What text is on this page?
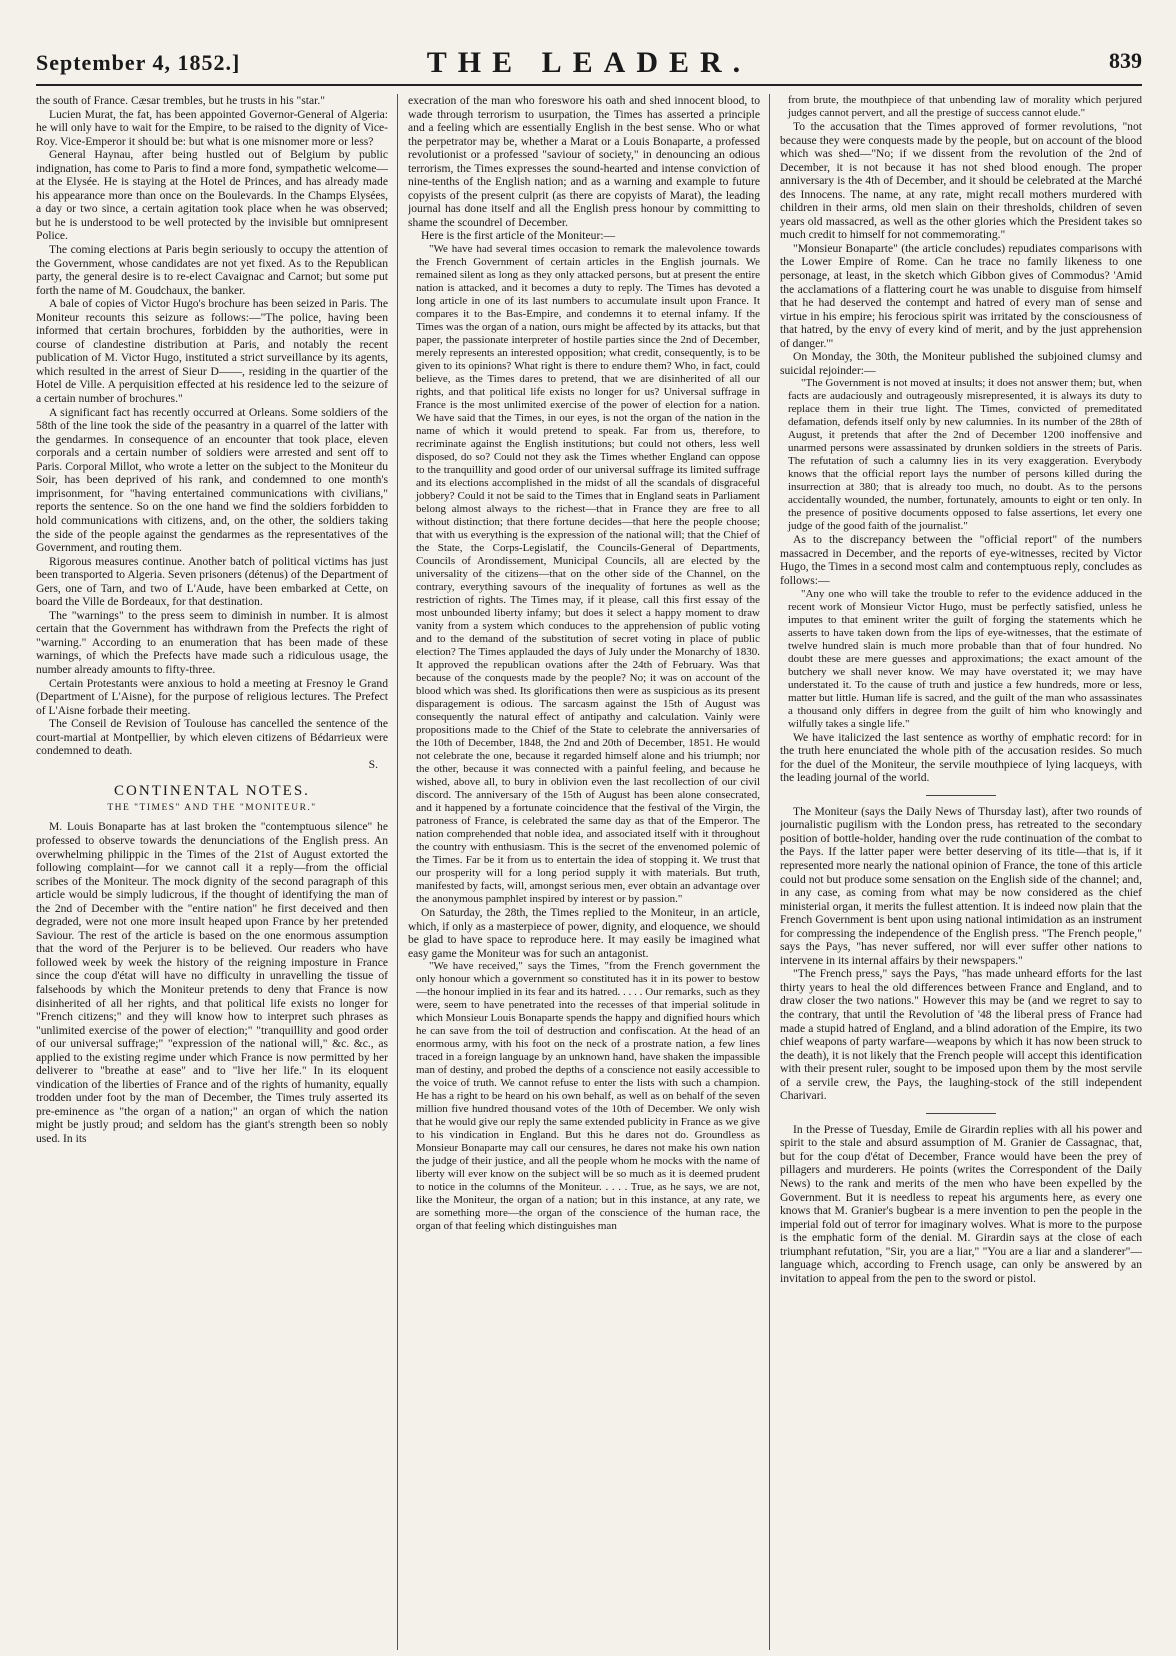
September 4, 1852.]	THE LEADER.	839

the south of France. Cæsar trembles, but he trusts in his "star."

Lucien Murat, the fat, has been appointed Governor-General of Algeria: he will only have to wait for the Empire, to be raised to the dignity of Vice-Roy. Vice-Emperor it should be: but what is one misnomer more or less?

General Haynau, after being hustled out of Belgium by public indignation, has come to Paris to find a more fond, sympathetic welcome—at the Elysée. He is staying at the Hotel de Princes, and has already made his appearance more than once on the Boulevards. In the Champs Elysées, a day or two since, a certain agitation took place when he was observed; but he is understood to be well protected by the invisible but omnipresent Police.

The coming elections at Paris begin seriously to occupy the attention of the Government, whose candidates are not yet fixed. As to the Republican party, the general desire is to re-elect Cavaignac and Carnot; but some put forth the name of M. Goudchaux, the banker.

A bale of copies of Victor Hugo's brochure has been seized in Paris. The Moniteur recounts this seizure as follows:—"The police, having been informed that certain brochures, forbidden by the authorities, were in course of clandestine distribution at Paris, and notably the recent publication of M. Victor Hugo, instituted a strict surveillance by its agents, which resulted in the arrest of Sieur D——, residing in the quartier of the Hotel de Ville. A perquisition effected at his residence led to the seizure of a certain number of brochures."

A significant fact has recently occurred at Orleans. Some soldiers of the 58th of the line took the side of the peasantry in a quarrel of the latter with the gendarmes. In consequence of an encounter that took place, eleven corporals and a certain number of soldiers were arrested and sent off to Paris. Corporal Millot, who wrote a letter on the subject to the Moniteur du Soir, has been deprived of his rank, and condemned to one month's imprisonment, for "having entertained communications with civilians," reports the sentence. So on the one hand we find the soldiers forbidden to hold communications with citizens, and, on the other, the soldiers taking the side of the people against the gendarmes as the representatives of the Government, and routing them.

Rigorous measures continue. Another batch of political victims has just been transported to Algeria. Seven prisoners (détenus) of the Department of Gers, one of Tarn, and two of L'Aude, have been embarked at Cette, on board the Ville de Bordeaux, for that destination.

The "warnings" to the press seem to diminish in number. It is almost certain that the Government has withdrawn from the Prefects the right of "warning." According to an enumeration that has been made of these warnings, of which the Prefects have made such a ridiculous usage, the number already amounts to fifty-three.

Certain Protestants were anxious to hold a meeting at Fresnoy le Grand (Department of L'Aisne), for the purpose of religious lectures. The Prefect of L'Aisne forbade their meeting.

The Conseil de Revision of Toulouse has cancelled the sentence of the court-martial at Montpellier, by which eleven citizens of Bédarrieux were condemned to death.

S.

CONTINENTAL NOTES.
THE "TIMES" AND THE "MONITEUR."

M. Louis Bonaparte has at last broken the "contemptuous silence" he professed to observe towards the denunciations of the English press. An overwhelming philippic in the Times of the 21st of August extorted the following complaint—for we cannot call it a reply—from the official scribes of the Moniteur. The mock dignity of the second paragraph of this article would be simply ludicrous, if the thought of identifying the man of the 2nd of December with the "entire nation" he first deceived and then degraded, were not one more insult heaped upon France by her pretended Saviour. The rest of the article is based on the one enormous assumption that the word of the Perjurer is to be believed. Our readers who have followed week by week the history of the reigning imposture in France since the coup d'état will have no difficulty in unravelling the tissue of falsehoods by which the Moniteur pretends to deny that France is now disinherited of all her rights, and that political life exists no longer for "French citizens;" and they will know how to interpret such phrases as "unlimited exercise of the power of election;" "tranquillity and good order of our universal suffrage;" "expression of the national will," &c. &c., as applied to the existing regime under which France is now permitted by her deliverer to "breathe at ease" and to "live her life." In its eloquent vindication of the liberties of France and of the rights of humanity, equally trodden under foot by the man of December, the Times truly asserted its pre-eminence as "the organ of a nation;" an organ of which the nation might be justly proud; and seldom has the giant's strength been so nobly used. In its

execration of the man who foreswore his oath and shed innocent blood, to wade through terrorism to usurpation, the Times has asserted a principle and a feeling which are essentially English in the best sense. Who or what the perpetrator may be, whether a Marat or a Louis Bonaparte, a professed revolutionist or a professed "saviour of society," in denouncing an odious terrorism, the Times expresses the sound-hearted and intense conviction of nine-tenths of the English nation; and as a warning and example to future copyists of the present culprit (as there are copyists of Marat), the leading journal has done itself and all the English press honour by committing to shame the scoundrel of December.

Here is the first article of the Moniteur:—

"We have had several times occasion to remark the malevolence towards the French Government of certain articles in the English journals. We remained silent as long as they only attacked persons, but at present the entire nation is attacked, and it becomes a duty to reply. The Times has devoted a long article in one of its last numbers to accumulate insult upon France. It compares it to the Bas-Empire, and condemns it to eternal infamy. If the Times was the organ of a nation, ours might be affected by its attacks, but that paper, the passionate interpreter of hostile parties since the 2nd of December, merely represents an interested opposition; what credit, consequently, is to be given to its opinions? What right is there to endure them? Who, in fact, could believe, as the Times dares to pretend, that we are disinherited of all our rights, and that political life exists no longer for us? Universal suffrage in France is the most unlimited exercise of the power of election for a nation. We have said that the Times, in our eyes, is not the organ of the nation in the name of which it would pretend to speak. Far from us, therefore, to recriminate against the English institutions; but could not others, less well disposed, do so? Could not they ask the Times whether England can oppose to the tranquillity and good order of our universal suffrage its limited suffrage and its elections accomplished in the midst of all the scandals of disgraceful jobbery? Could it not be said to the Times that in England seats in Parliament belong almost always to the richest—that in France they are free to all without distinction; that there fortune decides—that here the people choose; that with us everything is the expression of the national will; that the Chief of the State, the Corps-Legislatif, the Councils-General of Departments, Councils of Arondissement, Municipal Councils, all are elected by the universality of the citizens—that on the other side of the Channel, on the contrary, everything savours of the inequality of fortunes as well as the restriction of rights. The Times may, if it please, call this first essay of the most unbounded liberty infamy; but does it select a happy moment to draw vanity from a system which conduces to the apprehension of public voting and to the demand of the substitution of secret voting in place of public election? The Times applauded the days of July under the Monarchy of 1830. It approved the republican ovations after the 24th of February. Was that because of the conquests made by the people? No; it was on account of the blood which was shed. Its glorifications then were as suspicious as its present disparagement is odious. The sarcasm against the 15th of August was consequently the natural effect of antipathy and calculation. Vainly were propositions made to the Chief of the State to celebrate the anniversaries of the 10th of December, 1848, the 2nd and 20th of December, 1851. He would not celebrate the one, because it regarded himself alone and his triumph; nor the other, because it was connected with a painful feeling, and because he wished, above all, to bury in oblivion even the last recollection of our civil discord. The anniversary of the 15th of August has been alone consecrated, and it happened by a fortunate coincidence that the festival of the Virgin, the patroness of France, is celebrated the same day as that of the Emperor. The nation comprehended that noble idea, and associated itself with it throughout the country with enthusiasm. This is the secret of the envenomed polemic of the Times. Far be it from us to entertain the idea of stopping it. We trust that our prosperity will for a long period supply it with materials. But truth, manifested by facts, will, amongst serious men, ever obtain an advantage over the anonymous pamphlet inspired by interest or by passion."

On Saturday, the 28th, the Times replied to the Moniteur, in an article, which, if only as a masterpiece of power, dignity, and eloquence, we should be glad to have space to reproduce here. It may easily be imagined what easy game the Moniteur was for such an antagonist.

"We have received," says the Times, "from the French government the only honour which a government so constituted has it in its power to bestow—the honour implied in its fear and its hatred. . . . . Our remarks, such as they were, seem to have penetrated into the recesses of that imperial solitude in which Monsieur Louis Bonaparte spends the happy and dignified hours which he can save from the toil of destruction and confiscation. At the head of an enormous army, with his foot on the neck of a prostrate nation, a few lines traced in a foreign language by an unknown hand, have shaken the impassible man of destiny, and probed the depths of a conscience not easily accessible to the voice of truth. We cannot refuse to enter the lists with such a champion. He has a right to be heard on his own behalf, as well as on behalf of the seven million five hundred thousand votes of the 10th of December. We only wish that he would give our reply the same extended publicity in France as we give to his vindication in England. But this he dares not do. Groundless as Monsieur Bonaparte may call our censures, he dares not make his own nation the judge of their justice, and all the people whom he mocks with the name of liberty will ever know on the subject will be so much as it is deemed prudent to notice in the columns of the Moniteur. . . . . True, as he says, we are not, like the Moniteur, the organ of a nation; but in this instance, at any rate, we are something more—the organ of the conscience of the human race, the organ of that feeling which distinguishes man

from brute, the mouthpiece of that unbending law of morality which perjured judges cannot pervert, and all the prestige of success cannot elude."

To the accusation that the Times approved of former revolutions, "not because they were conquests made by the people, but on account of the blood which was shed—"No; if we dissent from the revolution of the 2nd of December, it is not because it has not shed blood enough. The proper anniversary is the 4th of December, and it should be celebrated at the Marché des Innocens. The name, at any rate, might recall mothers murdered with children in their arms, old men slain on their thresholds, children of seven years old massacred, as well as the other glories which the President takes so much credit to himself for not commemorating."

"Monsieur Bonaparte" (the article concludes) repudiates comparisons with the Lower Empire of Rome. Can he trace no family likeness to one personage, at least, in the sketch which Gibbon gives of Commodus? 'Amid the acclamations of a flattering court he was unable to disguise from himself that he had deserved the contempt and hatred of every man of sense and virtue in his empire; his ferocious spirit was irritated by the consciousness of that hatred, by the envy of every kind of merit, and by the just apprehension of danger.'"

On Monday, the 30th, the Moniteur published the subjoined clumsy and suicidal rejoinder:—

"The Government is not moved at insults; it does not answer them; but, when facts are audaciously and outrageously misrepresented, it is always its duty to replace them in their true light. The Times, convicted of premeditated defamation, defends itself only by new calumnies. In its number of the 28th of August, it pretends that after the 2nd of December 1200 inoffensive and unarmed persons were assassinated by drunken soldiers in the streets of Paris. The refutation of such a calumny lies in its very exaggeration. Everybody knows that the official report lays the number of persons killed during the insurrection at 380; that is already too much, no doubt. As to the persons accidentally wounded, the number, fortunately, amounts to eight or ten only. In the presence of positive documents opposed to false assertions, let every one judge of the good faith of the journalist."

As to the discrepancy between the "official report" of the numbers massacred in December, and the reports of eye-witnesses, recited by Victor Hugo, the Times in a second most calm and contemptuous reply, concludes as follows:—

"Any one who will take the trouble to refer to the evidence adduced in the recent work of Monsieur Victor Hugo, must be perfectly satisfied, unless he imputes to that eminent writer the guilt of forging the statements which he asserts to have taken down from the lips of eye-witnesses, that the estimate of twelve hundred slain is much more probable than that of four hundred. No doubt these are mere guesses and approximations; the exact amount of the butchery we shall never know. We may have overstated it; we may have understated it. To the cause of truth and justice a few hundreds, more or less, matter but little. Human life is sacred, and the guilt of the man who assassinates a thousand only differs in degree from the guilt of him who knowingly and wilfully takes a single life."

We have italicized the last sentence as worthy of emphatic record: for in the truth here enunciated the whole pith of the accusation resides. So much for the duel of the Moniteur, the servile mouthpiece of lying lacqueys, with the leading journal of the world.

The Moniteur (says the Daily News of Thursday last), after two rounds of journalistic pugilism with the London press, has retreated to the secondary position of bottle-holder, handing over the rude continuation of the combat to the Pays. If the latter paper were better deserving of its title—that is, if it represented more nearly the national opinion of France, the tone of this article could not but produce some sensation on the English side of the channel; and, in any case, as coming from what may be now considered as the chief ministerial organ, it merits the fullest attention. It is indeed now plain that the French Government is bent upon using national intimidation as an instrument for compressing the independence of the English press. "The French people," says the Pays, "has never suffered, nor will ever suffer other nations to intervene in its internal affairs by their newspapers."

"The French press," says the Pays, "has made unheard efforts for the last thirty years to heal the old differences between France and England, and to draw closer the two nations." However this may be (and we regret to say to the contrary, that until the Revolution of '48 the liberal press of France had made a stupid hatred of England, and a blind adoration of the Empire, its two chief weapons of party warfare—weapons by which it has now been struck to the death), it is not likely that the French people will accept this identification with their present ruler, sought to be imposed upon them by the most servile of a servile crew, the Pays, the laughing-stock of the still independent Charivari.

In the Presse of Tuesday, Emile de Girardin replies with all his power and spirit to the stale and absurd assumption of M. Granier de Cassagnac, that, but for the coup d'état of December, France would have been the prey of pillagers and murderers. He points (writes the Correspondent of the Daily News) to the rank and merits of the men who have been expelled by the Government. But it is needless to repeat his arguments here, as every one knows that M. Granier's bugbear is a mere invention to pen the people in the imperial fold out of terror for imaginary wolves. What is more to the purpose is the emphatic form of the denial. M. Girardin says at the close of each triumphant refutation, "Sir, you are a liar," "You are a liar and a slanderer"—language which, according to French usage, can only be answered by an invitation to appeal from the pen to the sword or pistol.
